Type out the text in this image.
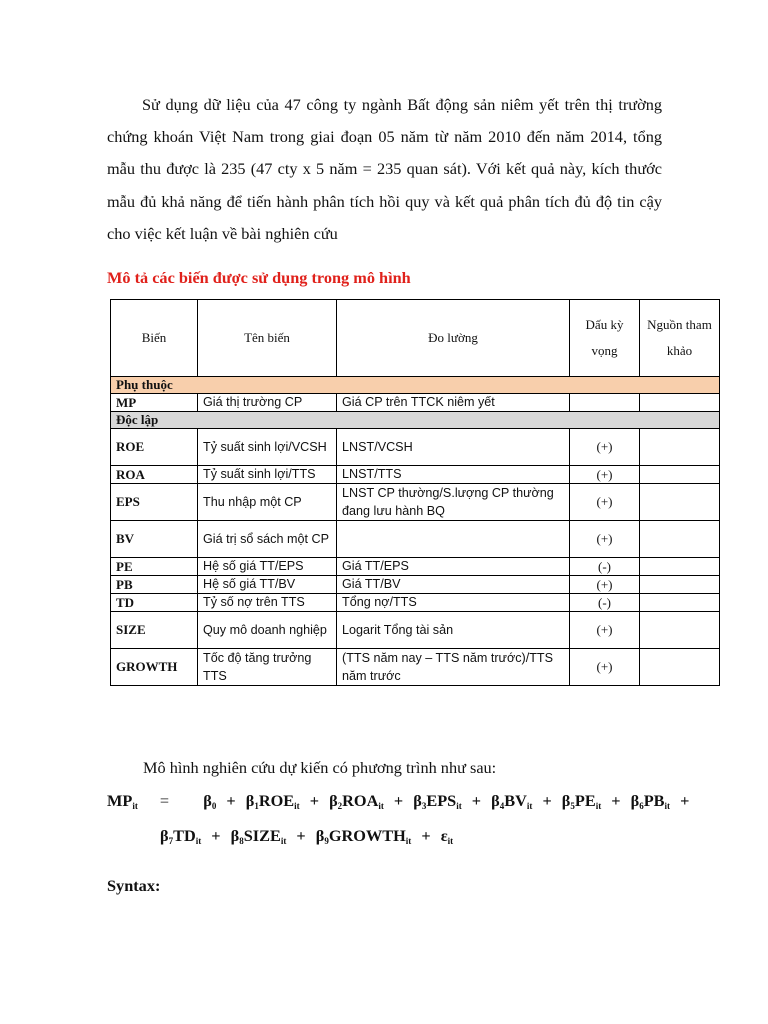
Sử dụng dữ liệu của 47 công ty ngành Bất động sản niêm yết trên thị trường chứng khoán Việt Nam trong giai đoạn 05 năm từ năm 2010 đến năm 2014, tổng mẫu thu được là 235 (47 cty x 5 năm = 235 quan sát). Với kết quả này, kích thước mẫu đủ khả năng để tiến hành phân tích hồi quy và kết quả phân tích đủ độ tin cậy cho việc kết luận về bài nghiên cứu

Mô tả các biến được sử dụng trong mô hình

Biến	Tên biến	Đo lường	Dấu kỳ vọng	Nguồn tham khảo
Phụ thuộc				
MP	Giá thị trường CP	Giá CP trên TTCK niêm yết		
Độc lập				
ROE	Tỷ suất sinh lợi/VCSH	LNST/VCSH	(+)	
ROA	Tỷ suất sinh lợi/TTS	LNST/TTS	(+)	
EPS	Thu nhập một CP	LNST CP thường/S.lượng CP thường đang lưu hành BQ	(+)	
BV	Giá trị sổ sách một CP		(+)	
PE	Hệ số giá TT/EPS	Giá TT/EPS	(-)	
PB	Hệ số giá TT/BV	Giá TT/BV	(+)	
TD	Tỷ số nợ trên TTS	Tổng nợ/TTS	(-)	
SIZE	Quy mô doanh nghiệp	Logarit Tổng tài sản	(+)	
GROWTH	Tốc độ tăng trưởng TTS	(TTS năm nay – TTS năm trước)/TTS năm trước	(+)	

Mô hình nghiên cứu dự kiến có phương trình như sau:

$MP_{it} = \beta_0 + \beta_1ROE_{it} + \beta_2ROA_{it} + \beta_3EPS_{it} + \beta_4BV_{it} + \beta_5PE_{it} + \beta_6PB_{it}$ +

$\beta_7TD_{it}$ + $\beta_8SIZE_{it}$ + $\beta_9GROWTH_{it} + \varepsilon_{it}$

Syntax:
